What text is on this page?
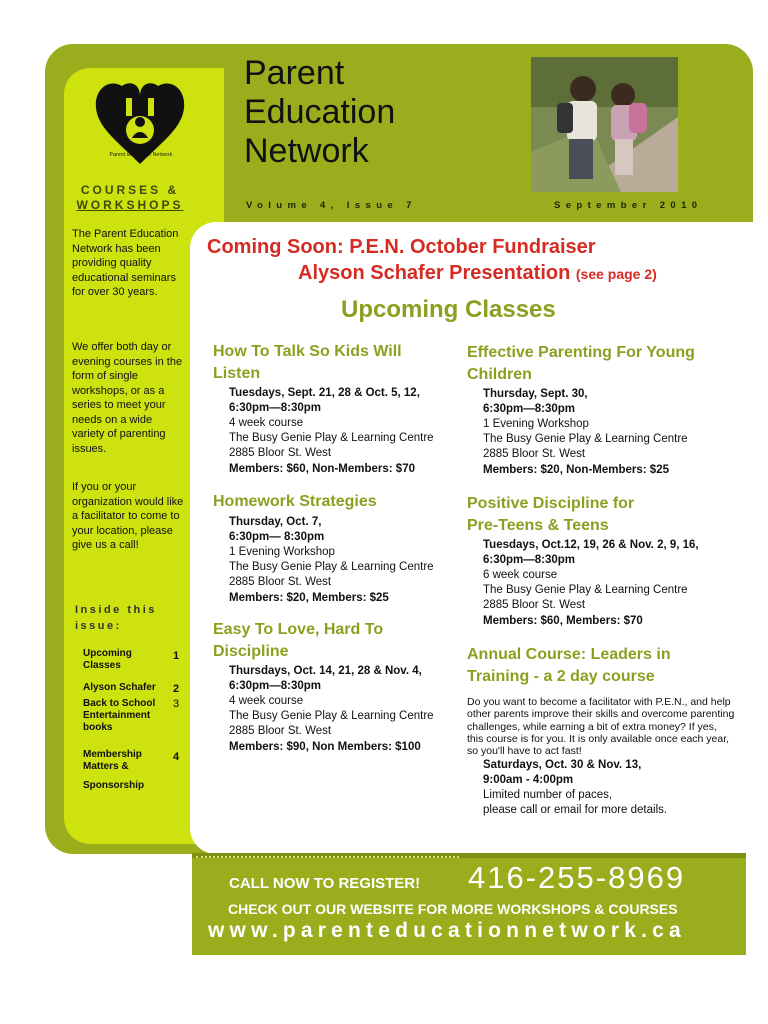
Parent Education Network
COURSES &
WORKSHOPS
The Parent Education Network has been providing quality educational seminars for over 30 years.
We offer both day or evening courses in the form of single workshops, or as a series to meet your needs on a wide variety of parenting issues.
If you or your organization would like a facilitator to come to your location, please give us a call!
Inside this issue:
Upcoming Classes
1
Alyson Schafer	2
Back to School Entertainment books
3
Membership Matters &
4
Sponsorship
Parent
Education
Network
Volume 4, Issue 7	September 2010
Coming Soon: P.E.N. October Fundraiser
Alyson Schafer Presentation (see page 2)
Upcoming Classes
How To Talk So Kids Will
Listen
Tuesdays, Sept. 21, 28 & Oct. 5, 12,
6:30pm—8:30pm
4 week course
The Busy Genie Play & Learning Centre
2885 Bloor St. West
Members: $60, Non-Members: $70
Homework Strategies
Thursday, Oct. 7,
6:30pm— 8:30pm
1 Evening Workshop
The Busy Genie Play & Learning Centre
2885 Bloor St. West
Members: $20, Members: $25
Easy To Love, Hard To
Discipline
Thursdays, Oct. 14, 21, 28 & Nov. 4,
6:30pm—8:30pm
4 week course
The Busy Genie Play & Learning Centre
2885 Bloor St. West
Members: $90, Non Members: $100
Effective Parenting For Young
Children
Thursday, Sept. 30,
6:30pm—8:30pm
1 Evening Workshop
The Busy Genie Play & Learning Centre
2885 Bloor St. West
Members: $20, Non-Members: $25
Positive Discipline for
Pre-Teens & Teens
Tuesdays, Oct.12, 19, 26 & Nov. 2, 9, 16,
6:30pm—8:30pm
6 week course
The Busy Genie Play & Learning Centre
2885 Bloor St. West
Members: $60, Members: $70
Annual Course: Leaders in
Training - a 2 day course
Do you want to become a facilitator with P.E.N., and help other parents improve their skills and overcome parenting challenges, while earning a bit of extra money? If yes, this course is for you. It is only available once each year, so you'll have to act fast!
Saturdays, Oct. 30 & Nov. 13,
9:00am - 4:00pm
Limited number of paces,
please call or email for more details.
CALL NOW TO REGISTER! 416-255-8969
CHECK OUT OUR WEBSITE FOR MORE WORKSHOPS & COURSES
www.parenteducationnetwork.ca
